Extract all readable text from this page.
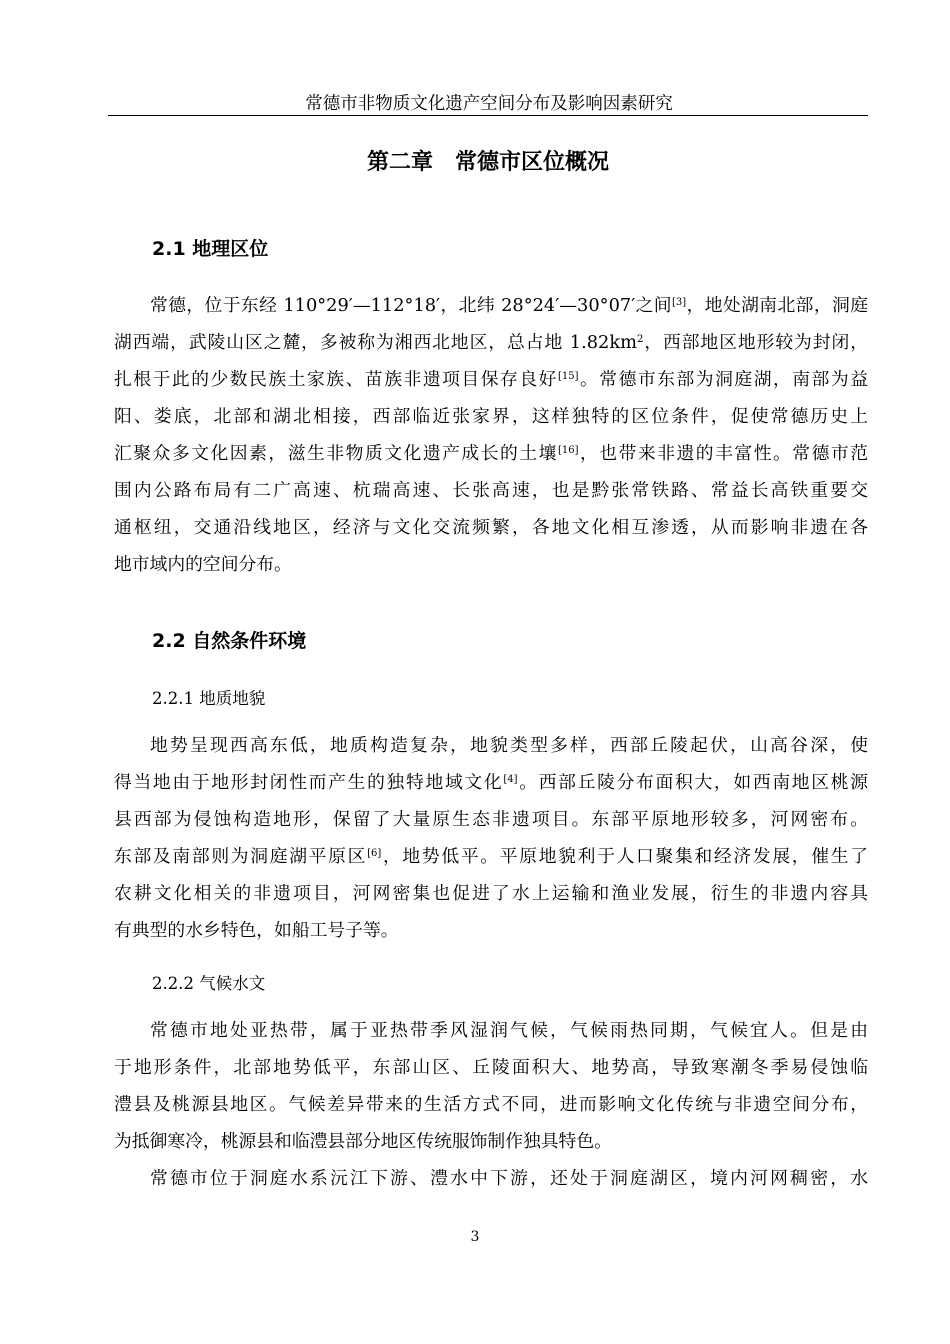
常德市非物质文化遗产空间分布及影响因素研究
第二章　常德市区位概况
2.1 地理区位
常德，位于东经 110°29′—112°18′，北纬 28°24′—30°07′之间[3]，地处湖南北部，洞庭
湖西端，武陵山区之麓，多被称为湘西北地区，总占地 $1.82km^2$，西部地区地形较为封闭，
扎根于此的少数民族土家族、苗族非遗项目保存良好[15]。常德市东部为洞庭湖，南部为益
阳、娄底，北部和湖北相接，西部临近张家界，这样独特的区位条件，促使常德历史上
汇聚众多文化因素，滋生非物质文化遗产成长的土壤[16]，也带来非遗的丰富性。常德市范
围内公路布局有二广高速、杭瑞高速、长张高速，也是黔张常铁路、常益长高铁重要交
通枢纽，交通沿线地区，经济与文化交流频繁，各地文化相互渗透，从而影响非遗在各
地市域内的空间分布。
2.2 自然条件环境
2.2.1 地质地貌
地势呈现西高东低，地质构造复杂，地貌类型多样，西部丘陵起伏，山高谷深，使
得当地由于地形封闭性而产生的独特地域文化[4]。西部丘陵分布面积大，如西南地区桃源
县西部为侵蚀构造地形，保留了大量原生态非遗项目。东部平原地形较多，河网密布。
东部及南部则为洞庭湖平原区[6]，地势低平。平原地貌利于人口聚集和经济发展，催生了
农耕文化相关的非遗项目，河网密集也促进了水上运输和渔业发展，衍生的非遗内容具
有典型的水乡特色，如船工号子等。
2.2.2 气候水文
常德市地处亚热带，属于亚热带季风湿润气候，气候雨热同期，气候宜人。但是由
于地形条件，北部地势低平，东部山区、丘陵面积大、地势高，导致寒潮冬季易侵蚀临
澧县及桃源县地区。气候差异带来的生活方式不同，进而影响文化传统与非遗空间分布，
为抵御寒冷，桃源县和临澧县部分地区传统服饰制作独具特色。
常德市位于洞庭水系沅江下游、澧水中下游，还处于洞庭湖区，境内河网稠密，水
3
